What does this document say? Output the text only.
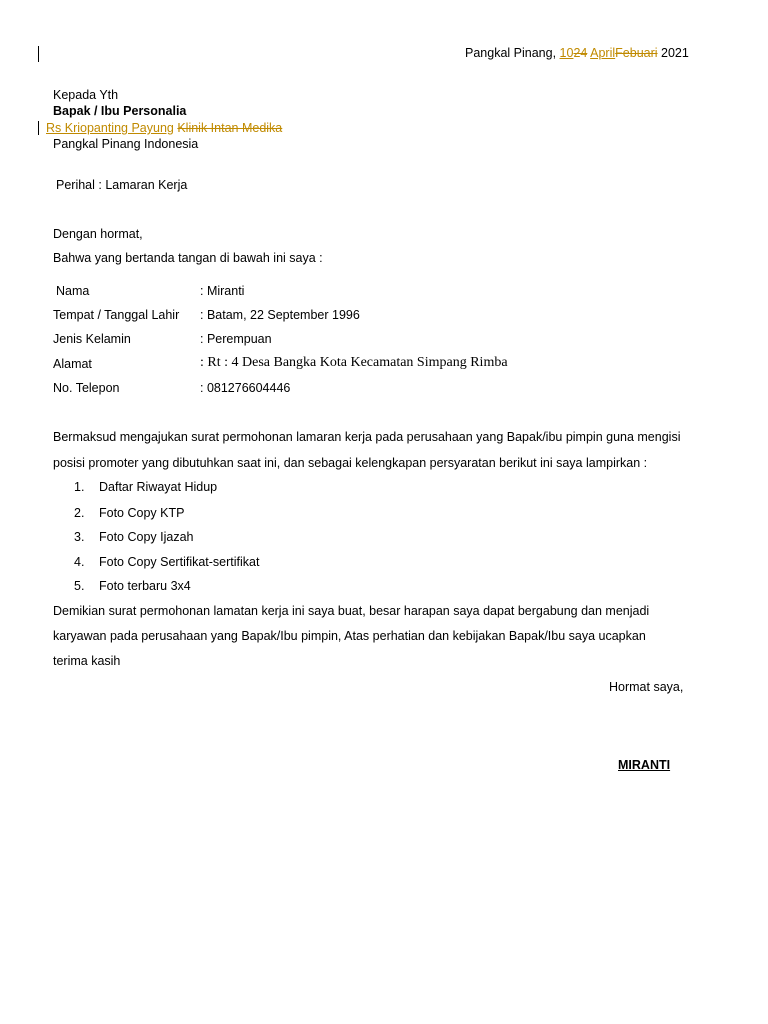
Pangkal Pinang, 1024 AprilFebuari 2021
Kepada Yth
Bapak / Ibu Personalia
Rs Kriopanting Payung Klinik Intan Medika
Pangkal Pinang Indonesia
Perihal : Lamaran Kerja
Dengan hormat,
Bahwa yang bertanda tangan di bawah ini saya :
Nama	: Miranti
Tempat / Tanggal Lahir : Batam, 22 September 1996
Jenis Kelamin	: Perempuan
Alamat	: Rt : 4 Desa Bangka Kota Kecamatan Simpang Rimba
No. Telepon	: 081276604446
Bermaksud mengajukan surat permohonan lamaran kerja pada perusahaan yang Bapak/ibu pimpin guna mengisi
posisi promoter yang dibutuhkan saat ini, dan sebagai kelengkapan persyaratan berikut ini saya lampirkan :
1. Daftar Riwayat Hidup
2. Foto Copy KTP
3. Foto Copy Ijazah
4. Foto Copy Sertifikat-sertifikat
5. Foto terbaru 3x4
Demikian surat permohonan lamatan kerja ini saya buat, besar harapan saya dapat bergabung dan menjadi
karyawan pada perusahaan yang Bapak/Ibu pimpin, Atas perhatian dan kebijakan Bapak/Ibu saya ucapkan
terima kasih
Hormat saya,
MIRANTI
